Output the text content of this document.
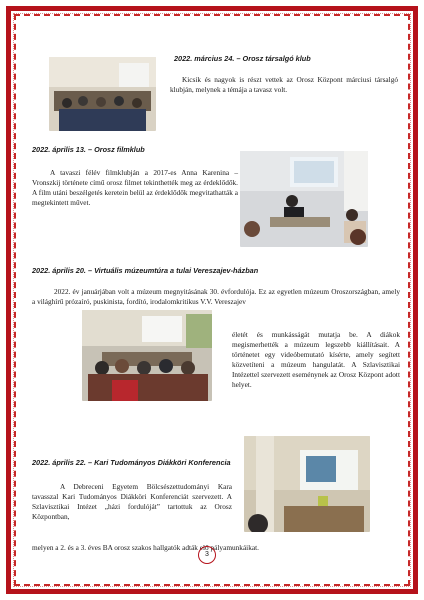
2022. március 24. – Orosz társalgó klub

Kicsik és nagyok is részt vettek az Orosz Központ márciusi társalgó klubján, melynek a témája a tavasz volt.

2022. április 13. – Orosz filmklub

A tavaszi félév filmklubján a 2017-es Anna Karenina – Vronszkij története című orosz filmet tekinthették meg az érdeklődők. A film utáni beszélgetés keretein belül az érdeklődők megvitathatták a megtekintett művet.

2022. április 20. – Virtuális múzeumtúra a tulai Vereszajev-házban

2022. év januárjában volt a múzeum megnyitásának 30. évfordulója. Ez az egyetlen múzeum Oroszországban, amely a világhírű prózaíró, puskinista, fordító, irodalomkritikus V.V. Vereszajev

életét és munkásságát mutatja be. A diákok megismerhették a múzeum legszebb kiállításait. A történetet egy videóbemutató kísérte, amely segített közvetíteni a múzeum hangulatát. A Szlavisztikai Intézettel szervezett eseménynek az Orosz Központ adott helyet.

2022. április 22. – Kari Tudományos Diákköri Konferencia

A Debreceni Egyetem Bölcsészettudományi Kara tavasszal Kari Tudományos Diákköri Konferenciát szervezett. A Szlavisztikai Intézet „házi fordulóját” tartottuk az Orosz Központban,

melyen a 2. és a 3. éves BA orosz szakos hallgatók adták elő pályamunkáikat.

3
